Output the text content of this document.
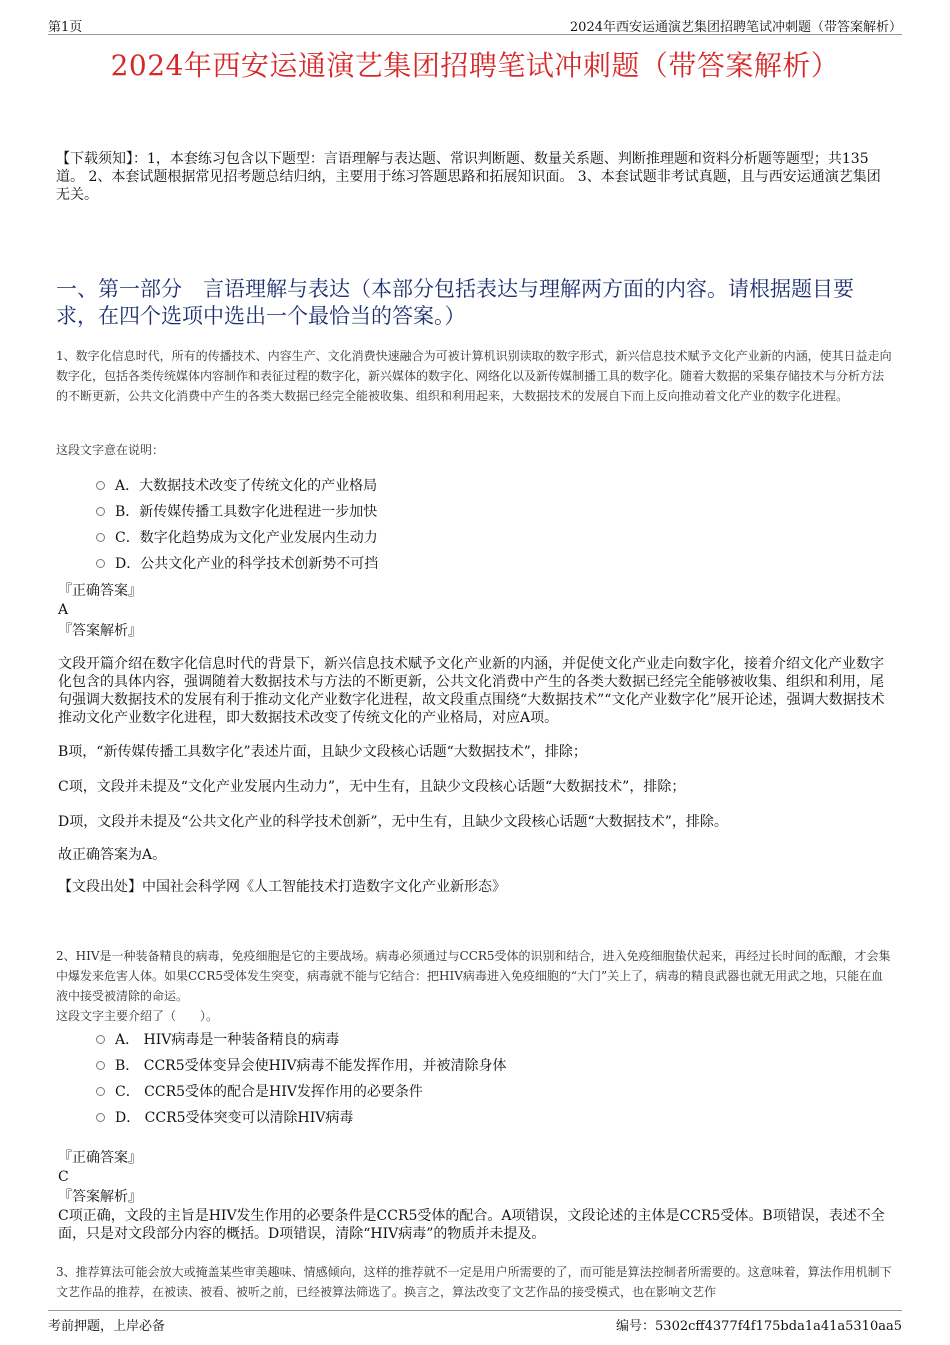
第1页	2024年西安运通演艺集团招聘笔试冲刺题（带答案解析）
2024年西安运通演艺集团招聘笔试冲刺题（带答案解析）
【下载须知】：1，本套练习包含以下题型：言语理解与表达题、常识判断题、数量关系题、判断推理题和资料分析题等题型；共135道。 2、本套试题根据常见招考题总结归纳，主要用于练习答题思路和拓展知识面。 3、本套试题非考试真题，且与西安运通演艺集团无关。
一、第一部分　言语理解与表达（本部分包括表达与理解两方面的内容。请根据题目要求，在四个选项中选出一个最恰当的答案。）
1、数字化信息时代，所有的传播技术、内容生产、文化消费快速融合为可被计算机识别读取的数字形式，新兴信息技术赋予文化产业新的内涵，使其日益走向数字化，包括各类传统媒体内容制作和表征过程的数字化，新兴媒体的数字化、网络化以及新传媒制播工具的数字化。随着大数据的采集存储技术与分析方法的不断更新，公共文化消费中产生的各类大数据已经完全能被收集、组织和利用起来，大数据技术的发展自下而上反向推动着文化产业的数字化进程。
这段文字意在说明：
A．大数据技术改变了传统文化的产业格局
B．新传媒传播工具数字化进程进一步加快
C．数字化趋势成为文化产业发展内生动力
D．公共文化产业的科学技术创新势不可挡
『正确答案』
A
『答案解析』
文段开篇介绍在数字化信息时代的背景下，新兴信息技术赋予文化产业新的内涵，并促使文化产业走向数字化，接着介绍文化产业数字化包含的具体内容，强调随着大数据技术与方法的不断更新，公共文化消费中产生的各类大数据已经完全能够被收集、组织和利用，尾句强调大数据技术的发展有利于推动文化产业数字化进程，故文段重点围绕“大数据技术”“文化产业数字化”展开论述，强调大数据技术推动文化产业数字化进程，即大数据技术改变了传统文化的产业格局，对应A项。
B项，“新传媒传播工具数字化”表述片面，且缺少文段核心话题“大数据技术”，排除；
C项，文段并未提及“文化产业发展内生动力”，无中生有，且缺少文段核心话题“大数据技术”，排除；
D项，文段并未提及“公共文化产业的科学技术创新”，无中生有，且缺少文段核心话题“大数据技术”，排除。
故正确答案为A。
【文段出处】中国社会科学网《人工智能技术打造数字文化产业新形态》
2、HIV是一种装备精良的病毒，免疫细胞是它的主要战场。病毒必须通过与CCR5受体的识别和结合，进入免疫细胞蛰伏起来，再经过长时间的酝酿，才会集中爆发来危害人体。如果CCR5受体发生突变，病毒就不能与它结合：把HIV病毒进入免疫细胞的“大门”关上了，病毒的精良武器也就无用武之地，只能在血液中接受被清除的命运。
这段文字主要介绍了（　　）。
A． HIV病毒是一种装备精良的病毒
B． CCR5受体变异会使HIV病毒不能发挥作用，并被清除身体
C． CCR5受体的配合是HIV发挥作用的必要条件
D． CCR5受体突变可以清除HIV病毒
『正确答案』
C
『答案解析』
C项正确，文段的主旨是HIV发生作用的必要条件是CCR5受体的配合。A项错误，文段论述的主体是CCR5受体。B项错误，表述不全面，只是对文段部分内容的概括。D项错误，清除“HIV病毒”的物质并未提及。
3、推荐算法可能会放大或掩盖某些审美趣味、情感倾向，这样的推荐就不一定是用户所需要的了，而可能是算法控制者所需要的。这意味着，算法作用机制下文艺作品的推荐，在被读、被看、被听之前，已经被算法筛选了。换言之，算法改变了文艺作品的接受模式，也在影响文艺作
考前押题，上岸必备	编号：5302cff4377f4f175bda1a41a5310aa5
